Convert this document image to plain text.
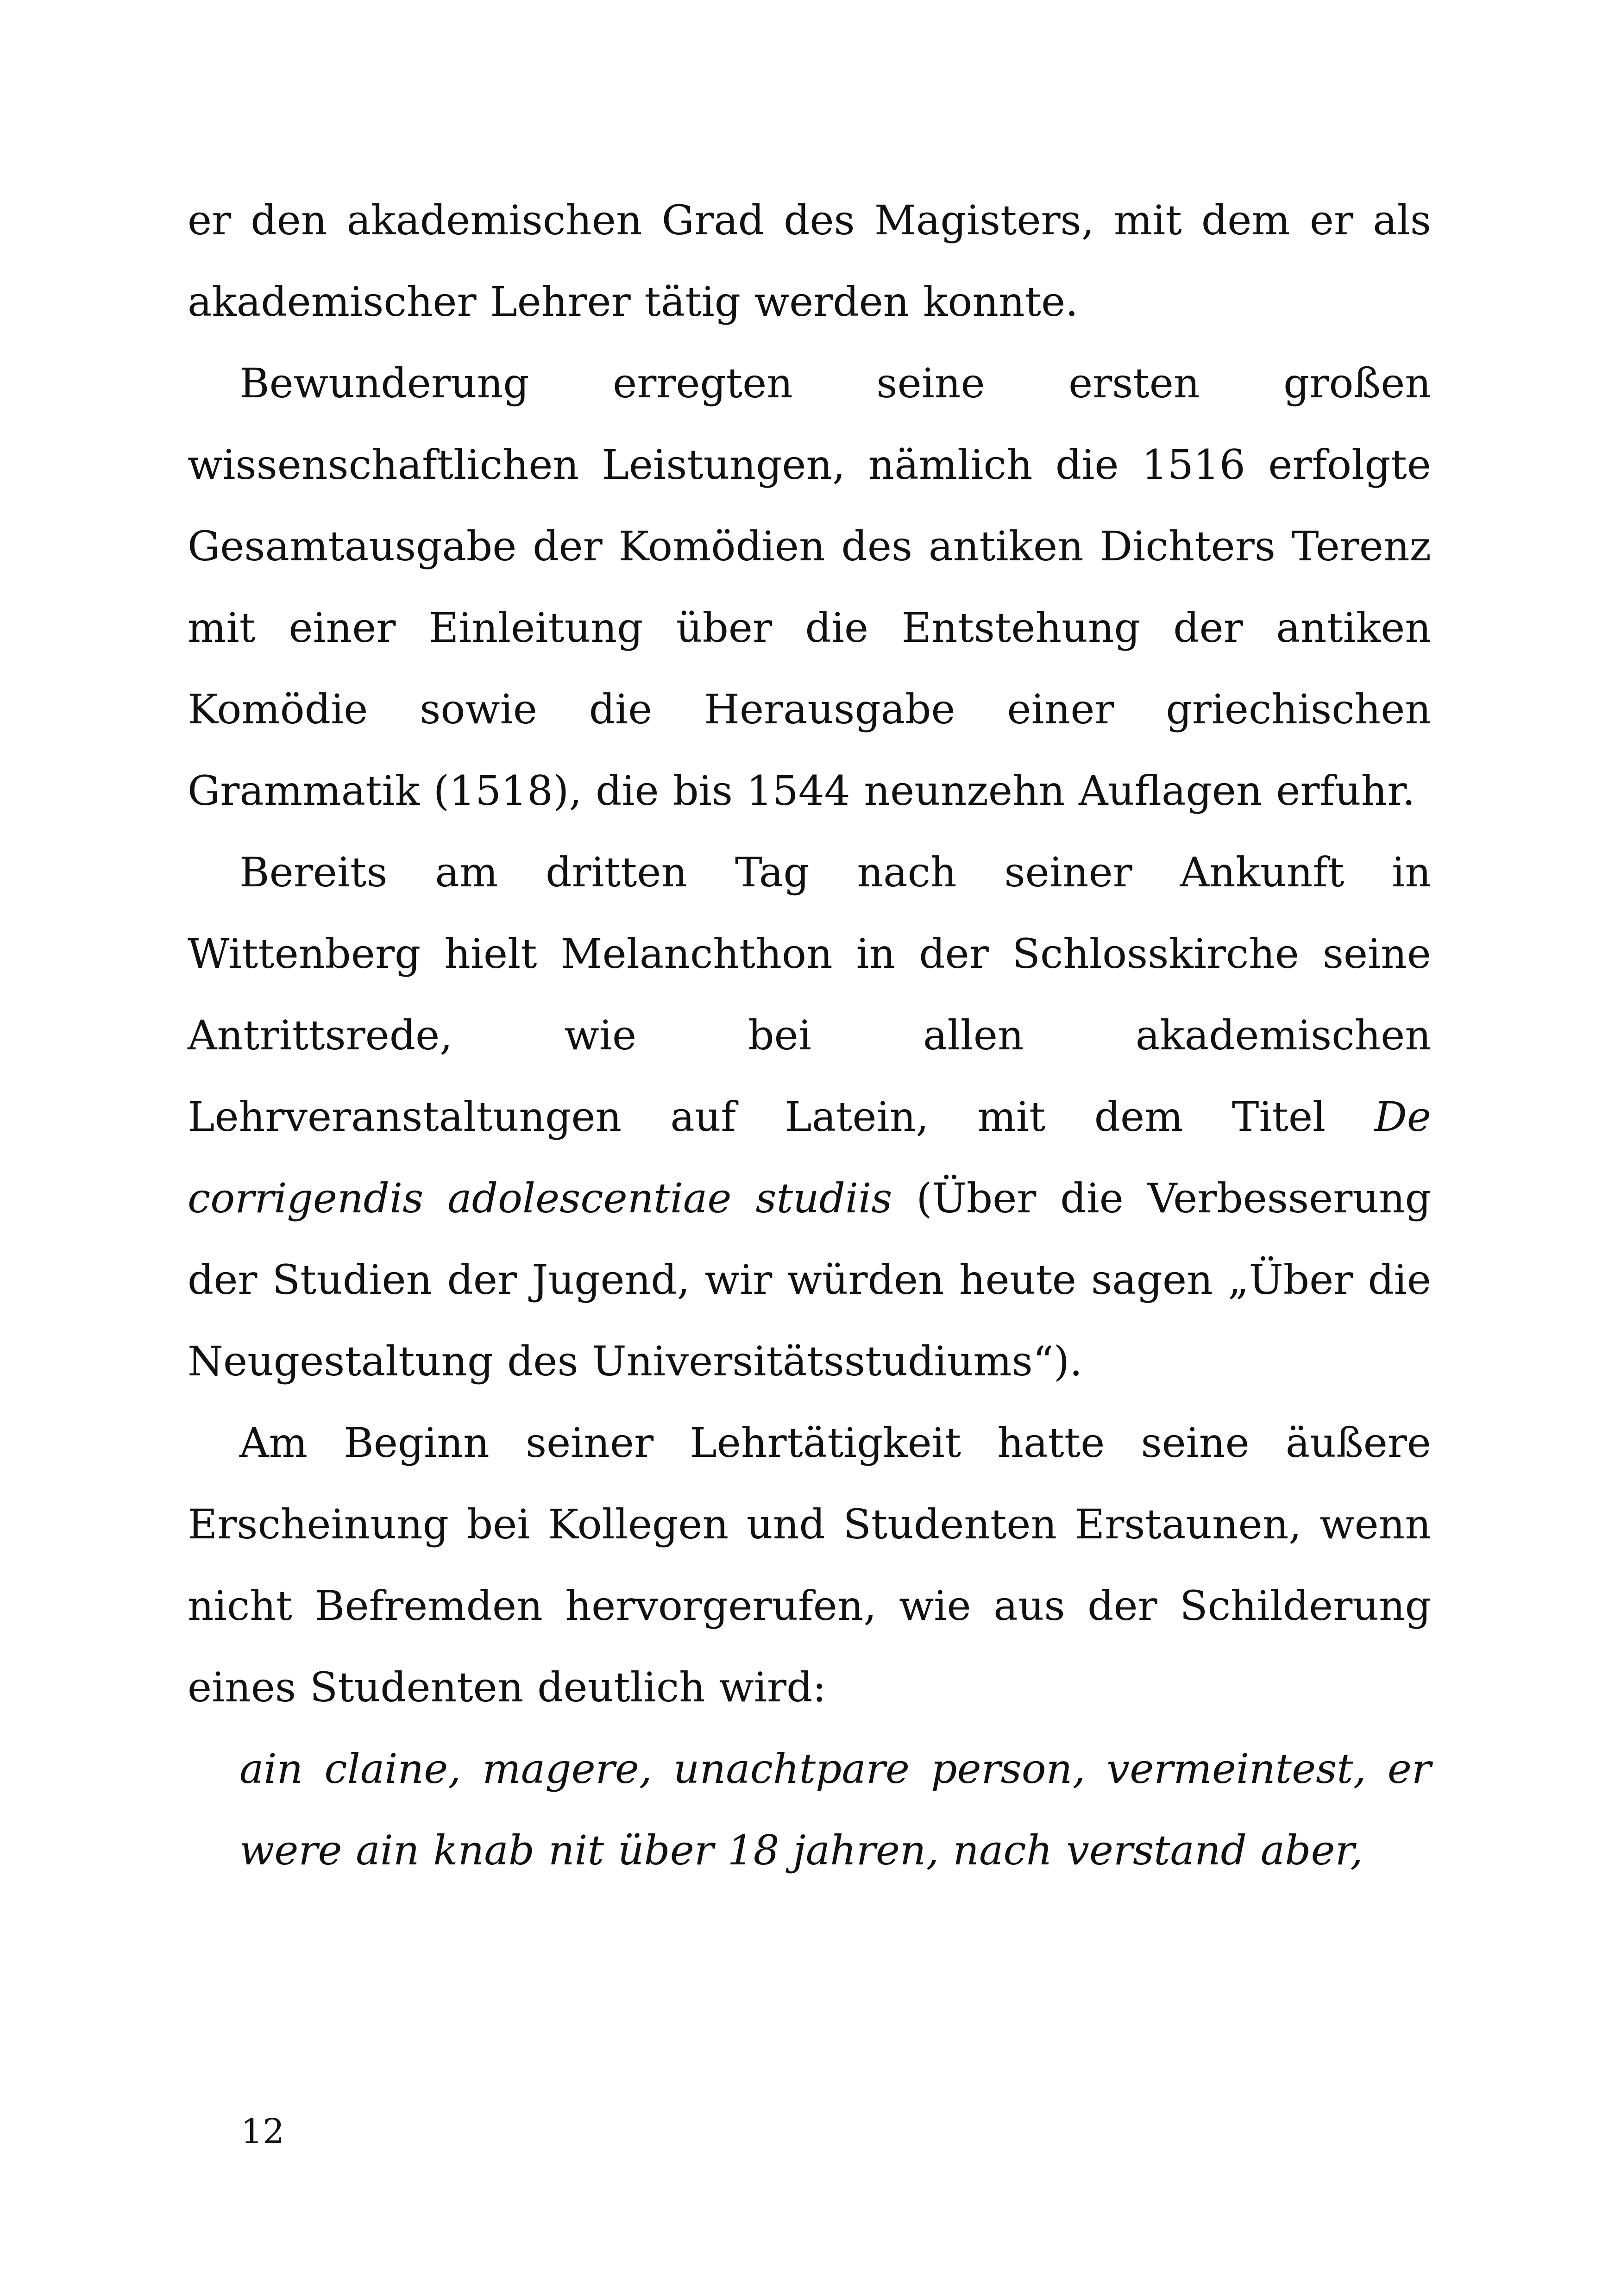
er den akademischen Grad des Magisters, mit dem er als akademischer Lehrer tätig werden konnte.

Bewunderung erregten seine ersten großen wissenschaftlichen Leistungen, nämlich die 1516 erfolgte Gesamtausgabe der Komödien des antiken Dichters Terenz mit einer Einleitung über die Entstehung der antiken Komödie sowie die Herausgabe einer griechischen Grammatik (1518), die bis 1544 neunzehn Auflagen erfuhr.

Bereits am dritten Tag nach seiner Ankunft in Wittenberg hielt Melanchthon in der Schlosskirche seine Antrittsrede, wie bei allen akademischen Lehrveranstaltungen auf Latein, mit dem Titel De corrigendis adolescentiae studiis (Über die Verbesserung der Studien der Jugend, wir würden heute sagen „Über die Neugestaltung des Universitätsstudiums“).

Am Beginn seiner Lehrtätigkeit hatte seine äußere Erscheinung bei Kollegen und Studenten Erstaunen, wenn nicht Befremden hervorgerufen, wie aus der Schilderung eines Studenten deutlich wird:

ain claine, magere, unachtpare person, vermeintest, er were ain knab nit über 18 jahren, nach verstand aber,

12
